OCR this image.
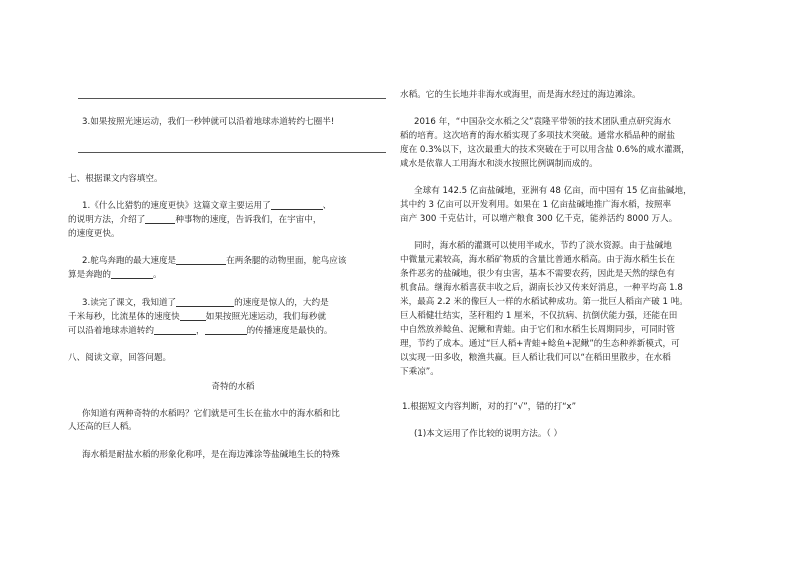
3.如果按照光速运动，我们一秒钟就可以沿着地球赤道转约七圈半!

七、根据课文内容填空。

1.《什么比猎豹的速度更快》这篇文章主要运用了	、

的说明方法，介绍了	种事物的速度，告诉我们，在宇宙中，

的速度更快。

2.鸵鸟奔跑的最大速度是	在两条腿的动物里面，鸵鸟应该

算是奔跑的	。

3.读完了课文，我知道了	的速度是惊人的，大约是

千米每秒，比流星体的速度快	如果按照光速运动，我们每秒就

可以沿着地球赤道转约	，	的传播速度是最快的。

八、阅读文章，回答问题。

奇特的水稻

你知道有两种奇特的水稻吗？它们就是可生长在盐水中的海水稻和比

人还高的巨人稻。

海水稻是耐盐水稻的形象化称呼，是在海边滩涂等盐碱地生长的特殊

水稻。它的生长地并非海水或海里，而是海水经过的海边滩涂。

2016 年，“中国杂交水稻之父”袁隆平带领的技术团队重点研究海水

稻的培育。这次培育的海水稻实现了多项技术突破。通常水稻品种的耐盐

度在 0.3%以下，这次最重大的技术突破在于可以用含盐 0.6%的咸水灌溉，

咸水是依靠人工用海水和淡水按照比例调制而成的。

全球有 142.5 亿亩盐碱地，亚洲有 48 亿亩，而中国有 15 亿亩盐碱地，

其中约 3 亿亩可以开发利用。如果在 1 亿亩盐碱地推广海水稻，按照率

亩产 300 千克估计，可以增产粮食 300 亿千克，能养活约 8000 万人。

同时，海水稻的灌溉可以使用半咸水，节约了淡水资源。由于盐碱地

中微量元素较高，海水稻矿物质的含量比普通水稻高。由于海水稻生长在

条件恶劣的盐碱地，很少有虫害，基本不需要农药，因此是天然的绿色有

机食品。继海水稻喜获丰收之后，湖南长沙又传来好消息，一种平均高 1.8

米，最高 2.2 米的像巨人一样的水稻试种成功。第一批巨人稻亩产破 1 吨。

巨人稻健壮结实，茎秆粗约 1 厘米，不仅抗病、抗倒伏能力强，还能在田

中自然放养鲶鱼、泥鳅和青蛙。由于它们和水稻生长周期同步，可同时管

理，节约了成本。通过“巨人稻+青蛙+鲶鱼+泥鳅”的生态种养新模式，可

以实现一田多收，粮渔共赢。巨人稻让我们可以“在稻田里散步，在水稻

下乘凉”。

1.根据短文内容判断，对的打“√”，错的打“x”

(1)本文运用了作比较的说明方法。（ ）
